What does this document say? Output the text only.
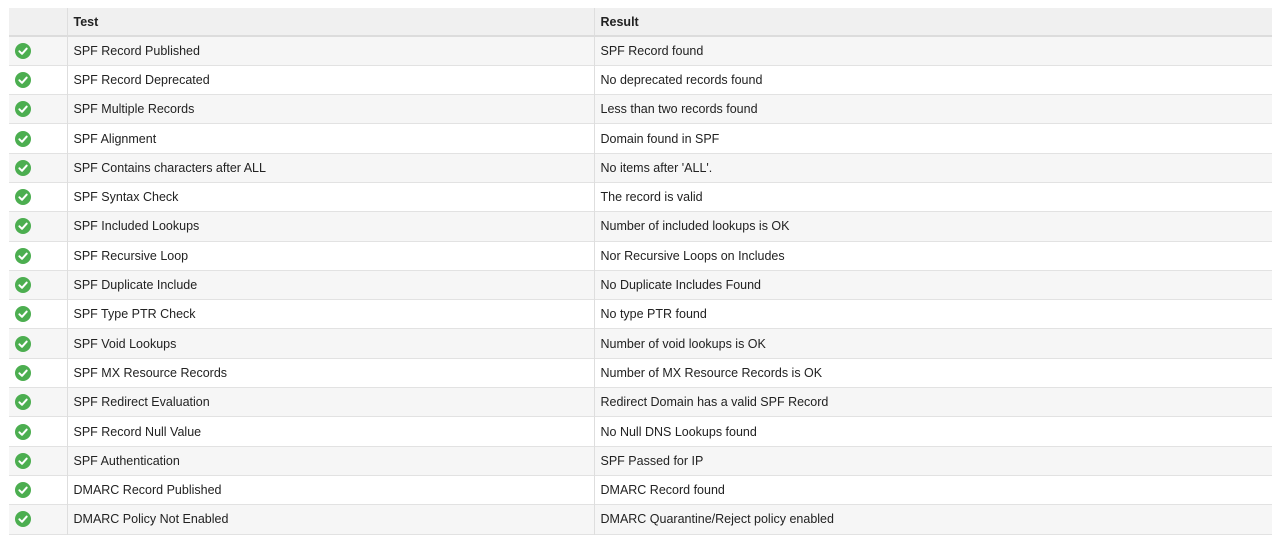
	Test	Result
	SPF Record Published	SPF Record found
	SPF Record Deprecated	No deprecated records found
	SPF Multiple Records	Less than two records found
	SPF Alignment	Domain found in SPF
	SPF Contains characters after ALL	No items after 'ALL'.
	SPF Syntax Check	The record is valid
	SPF Included Lookups	Number of included lookups is OK
	SPF Recursive Loop	Nor Recursive Loops on Includes
	SPF Duplicate Include	No Duplicate Includes Found
	SPF Type PTR Check	No type PTR found
	SPF Void Lookups	Number of void lookups is OK
	SPF MX Resource Records	Number of MX Resource Records is OK
	SPF Redirect Evaluation	Redirect Domain has a valid SPF Record
	SPF Record Null Value	No Null DNS Lookups found
	SPF Authentication	SPF Passed for IP
	DMARC Record Published	DMARC Record found
	DMARC Policy Not Enabled	DMARC Quarantine/Reject policy enabled
